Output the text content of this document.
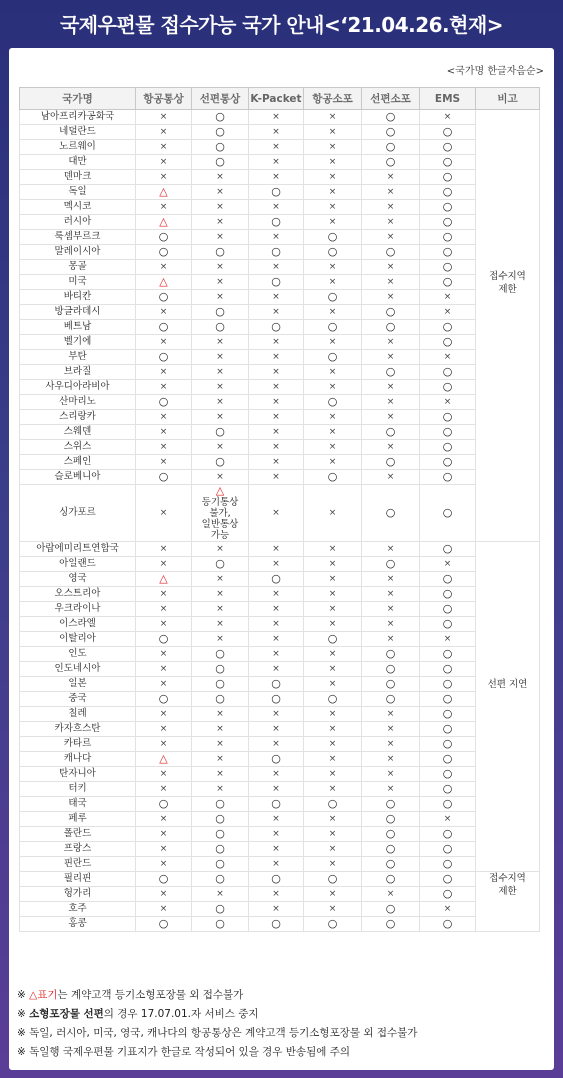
국제우편물 접수가능 국가 안내<‘21.04.26.현재>
<국가명 한글자음순>
국가명	항공통상	선편통상	K-Packet	항공소포	선편소포	EMS	비고
남아프리카공화국	×	○	×	×	○	×	접수지역
제한

네덜란드	×	○	×	×	○	○	
노르웨이	×	○	×	×	○	○	
대만	×	○	×	×	○	○	
덴마크	×	×	×	×	×	○	
독일	△	×	○	×	×	○	
멕시코	×	×	×	×	×	○	
러시아	△	×	○	×	×	○	
룩셈부르크	○	×	×	○	×	○	
말레이시아	○	○	○	○	○	○	
몽골	×	×	×	×	×	○	
미국	△	×	○	×	×	○	
바티칸	○	×	×	○	×	×	
방글라데시	×	○	×	×	○	×	
베트남	○	○	○	○	○	○	
벨기에	×	×	×	×	×	○	
부탄	○	×	×	○	×	×	
브라질	×	×	×	×	○	○	
사우디아라비아	×	×	×	×	×	○	
산마리노	○	×	×	○	×	×	
스리랑카	×	×	×	×	×	○	
스웨덴	×	○	×	×	○	○	
스위스	×	×	×	×	×	○	
스페인	×	○	×	×	○	○	
슬로베니아	○	×	×	○	×	○	
싱가포르	×	△
등기통상
불가,
일반통상
가능	×	×	○	○	
아랍에미리트연합국	×	×	×	×	×	○	선편 지연

아일랜드	×	○	×	×	○	×	
영국	△	×	○	×	×	○	
오스트리아	×	×	×	×	×	○	
우크라이나	×	×	×	×	×	○	
이스라엘	×	×	×	×	×	○	
이탈리아	○	×	×	○	×	×	
인도	×	○	×	×	○	○	
인도네시아	×	○	×	×	○	○	
일본	×	○	○	×	○	○	
중국	○	○	○	○	○	○	
칠레	×	×	×	×	×	○	
카자흐스탄	×	×	×	×	×	○	
카타르	×	×	×	×	×	○	
캐나다	△	×	○	×	×	○	
탄자니아	×	×	×	×	×	○	
터키	×	×	×	×	×	○	
태국	○	○	○	○	○	○	
페루	×	○	×	×	○	×	
폴란드	×	○	×	×	○	○	
프랑스	×	○	×	×	○	○	
핀란드	×	○	×	×	○	○	
필리핀	○	○	○	○	○	○	접수지역
제한

헝가리	×	×	×	×	×	○	
호주	×	○	×	×	○	×	
홍콩	○	○	○	○	○	○	
※ △표기는 계약고객 등기소형포장물 외 접수불가
※ 소형포장물 선편의 경우 17.07.01.자 서비스 중지
※ 독일, 러시아, 미국, 영국, 캐나다의 항공통상은 계약고객 등기소형포장물 외 접수불가
※ 독일행 국제우편물 기표지가 한글로 작성되어 있을 경우 반송됨에 주의
